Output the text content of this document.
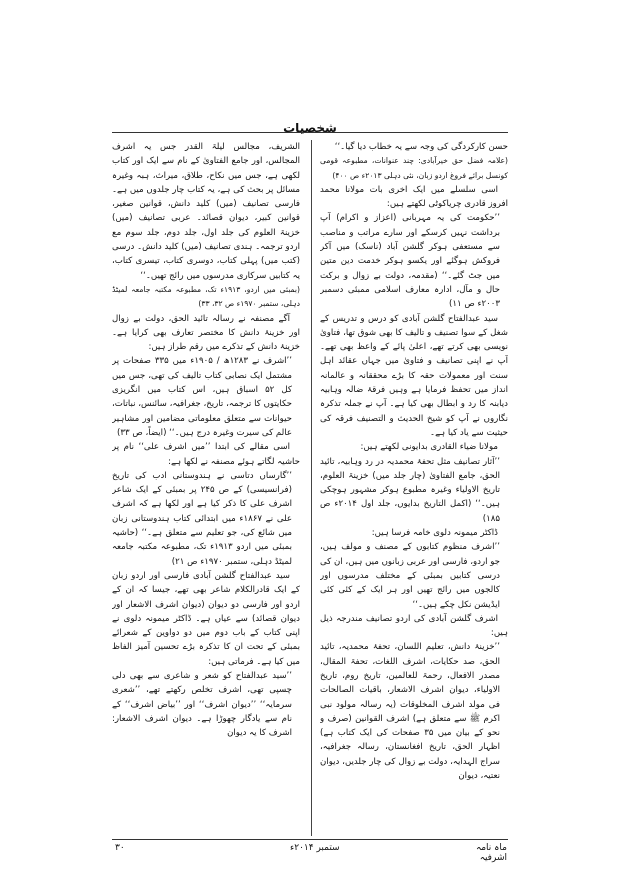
شخصیات

حسن کارکردگی کی وجہ سے یہ خطاب دیا گیا۔‘‘

(علامہ فضل حق خیرآبادی: چند عنوانات، مطبوعہ قومی کونسل برائے فروغ اردو زبان، نئی دہلی ۲۰۱۳ء ص ۴۰۰)

اسی سلسلے میں ایک اخری بات مولانا محمد افروز قادری چریاکوٹی لکھتے ہیں:

’’حکومت کی یہ مہربانی (اعزاز و اکرام) آپ برداشت نہیں کرسکے اور سارے مراتب و مناصب سے مستعفی ہوکر گلشن آباد (ناسک) میں آکر فروکش ہوگئے اور یکسو ہوکر خدمت دین متین میں جٹ گئے۔‘‘ (مقدمہ، دولت بے زوال و برکت حال و مآل، ادارہ معارف اسلامی ممبئی دسمبر ۲۰۰۳ء ص ۱۱)

سید عبدالفتاح گلشن آبادی کو درس و تدریس کے شغل کے سوا تصنیف و تالیف کا بھی شوق تھا، فتاویٰ نویسی بھی کرتے تھے، اعلیٰ پائے کے واعظ بھی تھے۔ آپ نے اپنی تصانیف و فتاویٰ میں جہاں عقائد اہل سنت اور معمولات حقہ کا بڑے محققانہ و عالمانہ انداز میں تحفظ فرمایا ہے وہیں فرقۂ ضالہ وہابیہ دیابنہ کا رد و ابطال بھی کیا ہے۔ آپ نے جملہ تذکرہ نگاروں نے آپ کو شیخ الحدیث و التصنیف فرقہ کی حیثیت سے یاد کیا ہے۔

مولانا ضیاء القادری بدایونی لکھتے ہیں:

’’آثار تصانیف مثل تحفۂ محمدیہ در رد وہابیہ، تائید الحق، جامع الفتاویٰ (چار جلد میں) خزینۃ العلوم، تاریخ الاولیاء وغیرہ مطبوع ہوکر مشہور ہوچکی ہیں۔‘‘ (اکمل التاریخ بدایوں، جلد اول ۲۰۱۴ء ص ۱۸۵)

ڈاکٹر میمونہ دلوی خامہ فرسا ہیں:

’’اشرف منظوم کتابوں کے مصنف و مولف ہیں، جو اردو، فارسی اور عربی زبانوں میں ہیں، ان کی درسی کتابیں بمبئی کے مختلف مدرسوں اور کالجوں میں رائج تھیں اور ہر ایک کے کئی کئی ایڈیشن نکل چکے ہیں۔‘‘

اشرف گلشن آبادی کی اردو تصانیف مندرجہ ذیل ہیں:

’’خزینۂ دانش، تعلیم اللسان، تحفۂ محمدیہ، تائید الحق، صد حکایات، اشرف اللغات، تحفۃ المقال، مصدر الافعال، رحمۃ للعالمین، تاریخ روم، تاریخ الاولیاء، دیوان اشرف الاشعار، باقیات الصالحات فی مولد اشرف المخلوقات (یہ رسالہ مولود نبی اکرم ﷺ سے متعلق ہے) اشرف القوانین (صرف و نحو کے بیان میں ۳۵ صفحات کی ایک کتاب ہے) اظہار الحق، تاریخ افغانستان، رسالہ جغرافیہ، سراج الہدایہ، دولت بے زوال کی چار جلدیں، دیوان نعتیہ، دیوان

الشریف، مجالس لیلۃ القدر جس یہ اشرف المجالس، اور جامع الفتاویٰ کے نام سے ایک اور کتاب لکھی ہے، جس میں نکاح، طلاق، میراث، ہبہ وغیرہ مسائل پر بحث کی ہے، یہ کتاب چار جلدوں میں ہے۔ فارسی تصانیف (میں) کلید دانش، قوانین صغیر، قوانین کبیر، دیوان قصائد۔ عربی تصانیف (میں) خزینۃ العلوم کی جلد اول، جلد دوم، جلد سوم مع اردو ترجمہ۔ ہندی تصانیف (میں) کلید دانش۔ درسی (کتب میں) پہلی کتاب، دوسری کتاب، تیسری کتاب، یہ کتابیں سرکاری مدرسوں میں رائج تھیں۔‘‘

(بمبئی میں اردو، ۱۹۱۳ء تک، مطبوعہ مکتبہ جامعہ لمیٹڈ دہلی، ستمبر ۱۹۷۰ء ص ۳۲، ۳۳)

آگے مصنفہ نے رسالہ تائید الحق، دولت بے زوال اور خزینۂ دانش کا مختصر تعارف بھی کرایا ہے۔ خزینۂ دانش کے تذکرے میں رقم طراز ہیں:

’’اشرف نے ۱۲۸۳ھ / ۱۹۰۵ء میں ۳۳۵ صفحات پر مشتمل ایک نصابی کتاب تالیف کی تھی، جس میں کل ۵۲ اسباق ہیں، اس کتاب میں انگریزی حکایتوں کا ترجمہ، تاریخ، جغرافیہ، سائنس، نباتات، حیوانات سے متعلق معلوماتی مضامین اور مشاہیر عالم کی سیرت وغیرہ درج ہیں۔‘‘ (ایضاً، ص ۳۳)

اسی مقالے کی ابتدا ’’میں اشرف علی‘‘ نام پر حاشیہ لگاتے ہوئے مصنفہ نے لکھا ہے:

’’گارساں دتاسی نے ہندوستانی ادب کی تاریخ (فرانسیسی) کے ص ۲۴۵ پر بمبئی کے ایک شاعر اشرف علی کا ذکر کیا ہے اور لکھا ہے کہ اشرف علی نے ۱۸۶۷ء میں ابتدائی کتاب ہندوستانی زبان میں شائع کی، جو تعلیم سے متعلق ہے۔‘‘ (حاشیہ بمبئی میں اردو ۱۹۱۳ء تک، مطبوعہ مکتبہ جامعہ لمیٹڈ دہلی، ستمبر ۱۹۷۰ء ص ۲۱)

سید عبدالفتاح گلشن آبادی فارسی اور اردو زبان کے ایک قادرالکلام شاعر بھی تھے، جیسا کہ ان کے اردو اور فارسی دو دیوان (دیوان اشرف الاشعار اور دیوان قصائد) سے عیاں ہے۔ ڈاکٹر میمونہ دلوی نے اپنی کتاب کے باب دوم میں دو دواوین کے شعرائے بمبئی کے تحت ان کا تذکرہ بڑے تحسین آمیز الفاظ میں کیا ہے۔ فرماتی ہیں:

’’سید عبدالفتاح کو شعر و شاعری سے بھی دلی چسپی تھی، اشرف تخلص رکھتے تھے، ’’شعری سرمایہ‘‘ ’’دیوان اشرف‘‘ اور ’’بیاض اشرف‘‘ کے نام سے یادگار چھوڑا ہے۔ دیوان اشرف الاشعار: اشرف کا یہ دیوان

۳۰	ستمبر ۲۰۱۴ء	ماہ نامہ اشرفیہ
